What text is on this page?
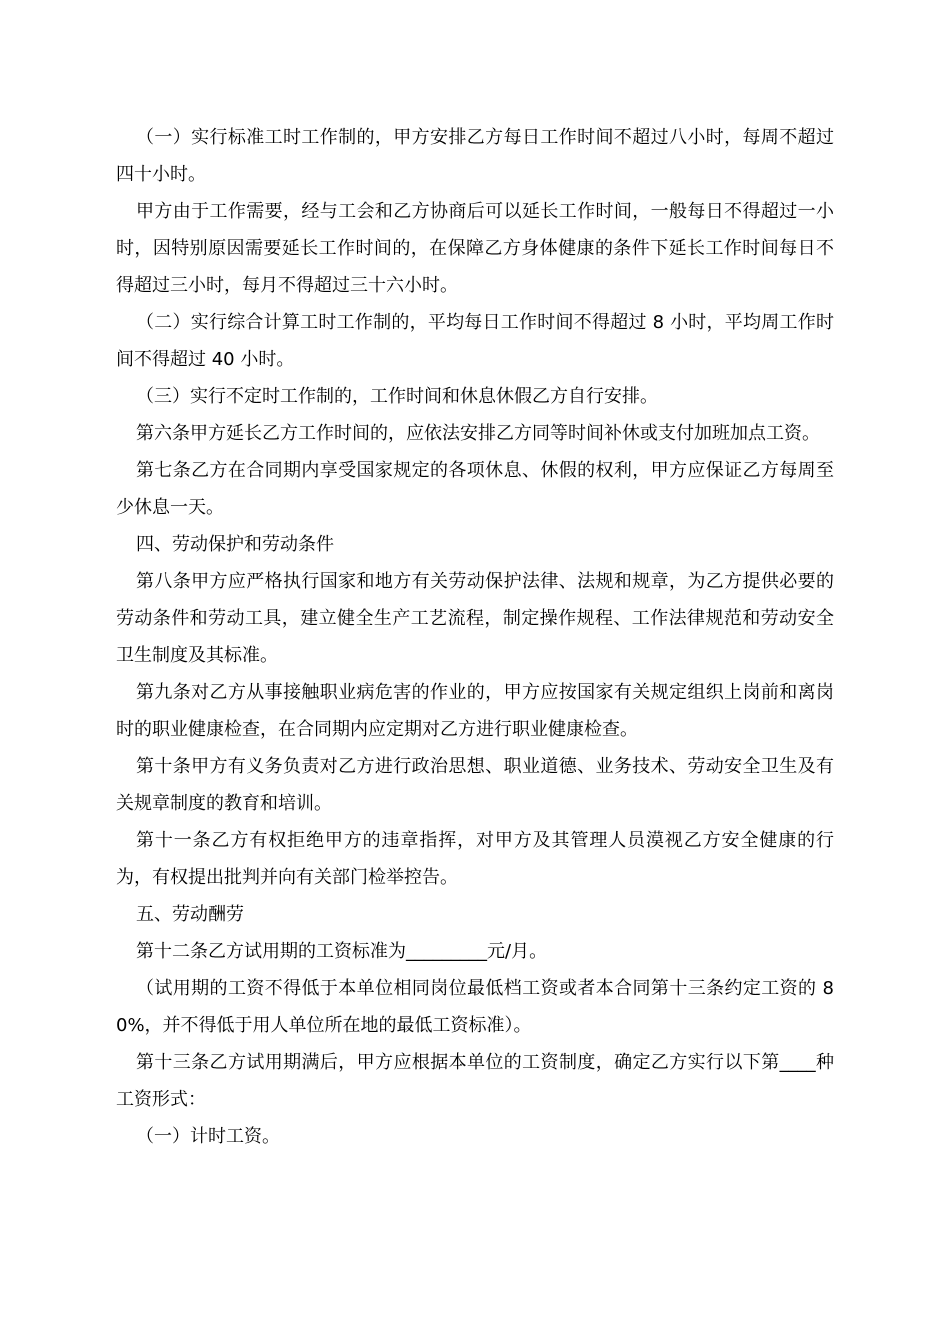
（一）实行标准工时工作制的，甲方安排乙方每日工作时间不超过八小时，每周不超过四十小时。

甲方由于工作需要，经与工会和乙方协商后可以延长工作时间，一般每日不得超过一小时，因特别原因需要延长工作时间的，在保障乙方身体健康的条件下延长工作时间每日不得超过三小时，每月不得超过三十六小时。

（二）实行综合计算工时工作制的，平均每日工作时间不得超过 8 小时，平均周工作时间不得超过 40 小时。

（三）实行不定时工作制的，工作时间和休息休假乙方自行安排。

第六条甲方延长乙方工作时间的，应依法安排乙方同等时间补休或支付加班加点工资。

第七条乙方在合同期内享受国家规定的各项休息、休假的权利，甲方应保证乙方每周至少休息一天。

四、劳动保护和劳动条件

第八条甲方应严格执行国家和地方有关劳动保护法律、法规和规章，为乙方提供必要的劳动条件和劳动工具，建立健全生产工艺流程，制定操作规程、工作法律规范和劳动安全卫生制度及其标准。

第九条对乙方从事接触职业病危害的作业的，甲方应按国家有关规定组织上岗前和离岗时的职业健康检查，在合同期内应定期对乙方进行职业健康检查。

第十条甲方有义务负责对乙方进行政治思想、职业道德、业务技术、劳动安全卫生及有关规章制度的教育和培训。

第十一条乙方有权拒绝甲方的违章指挥，对甲方及其管理人员漠视乙方安全健康的行为，有权提出批判并向有关部门检举控告。

五、劳动酬劳

第十二条乙方试用期的工资标准为_________元/月。

（试用期的工资不得低于本单位相同岗位最低档工资或者本合同第十三条约定工资的 80%，并不得低于用人单位所在地的最低工资标准）。

第十三条乙方试用期满后，甲方应根据本单位的工资制度，确定乙方实行以下第____种工资形式：

（一）计时工资。
